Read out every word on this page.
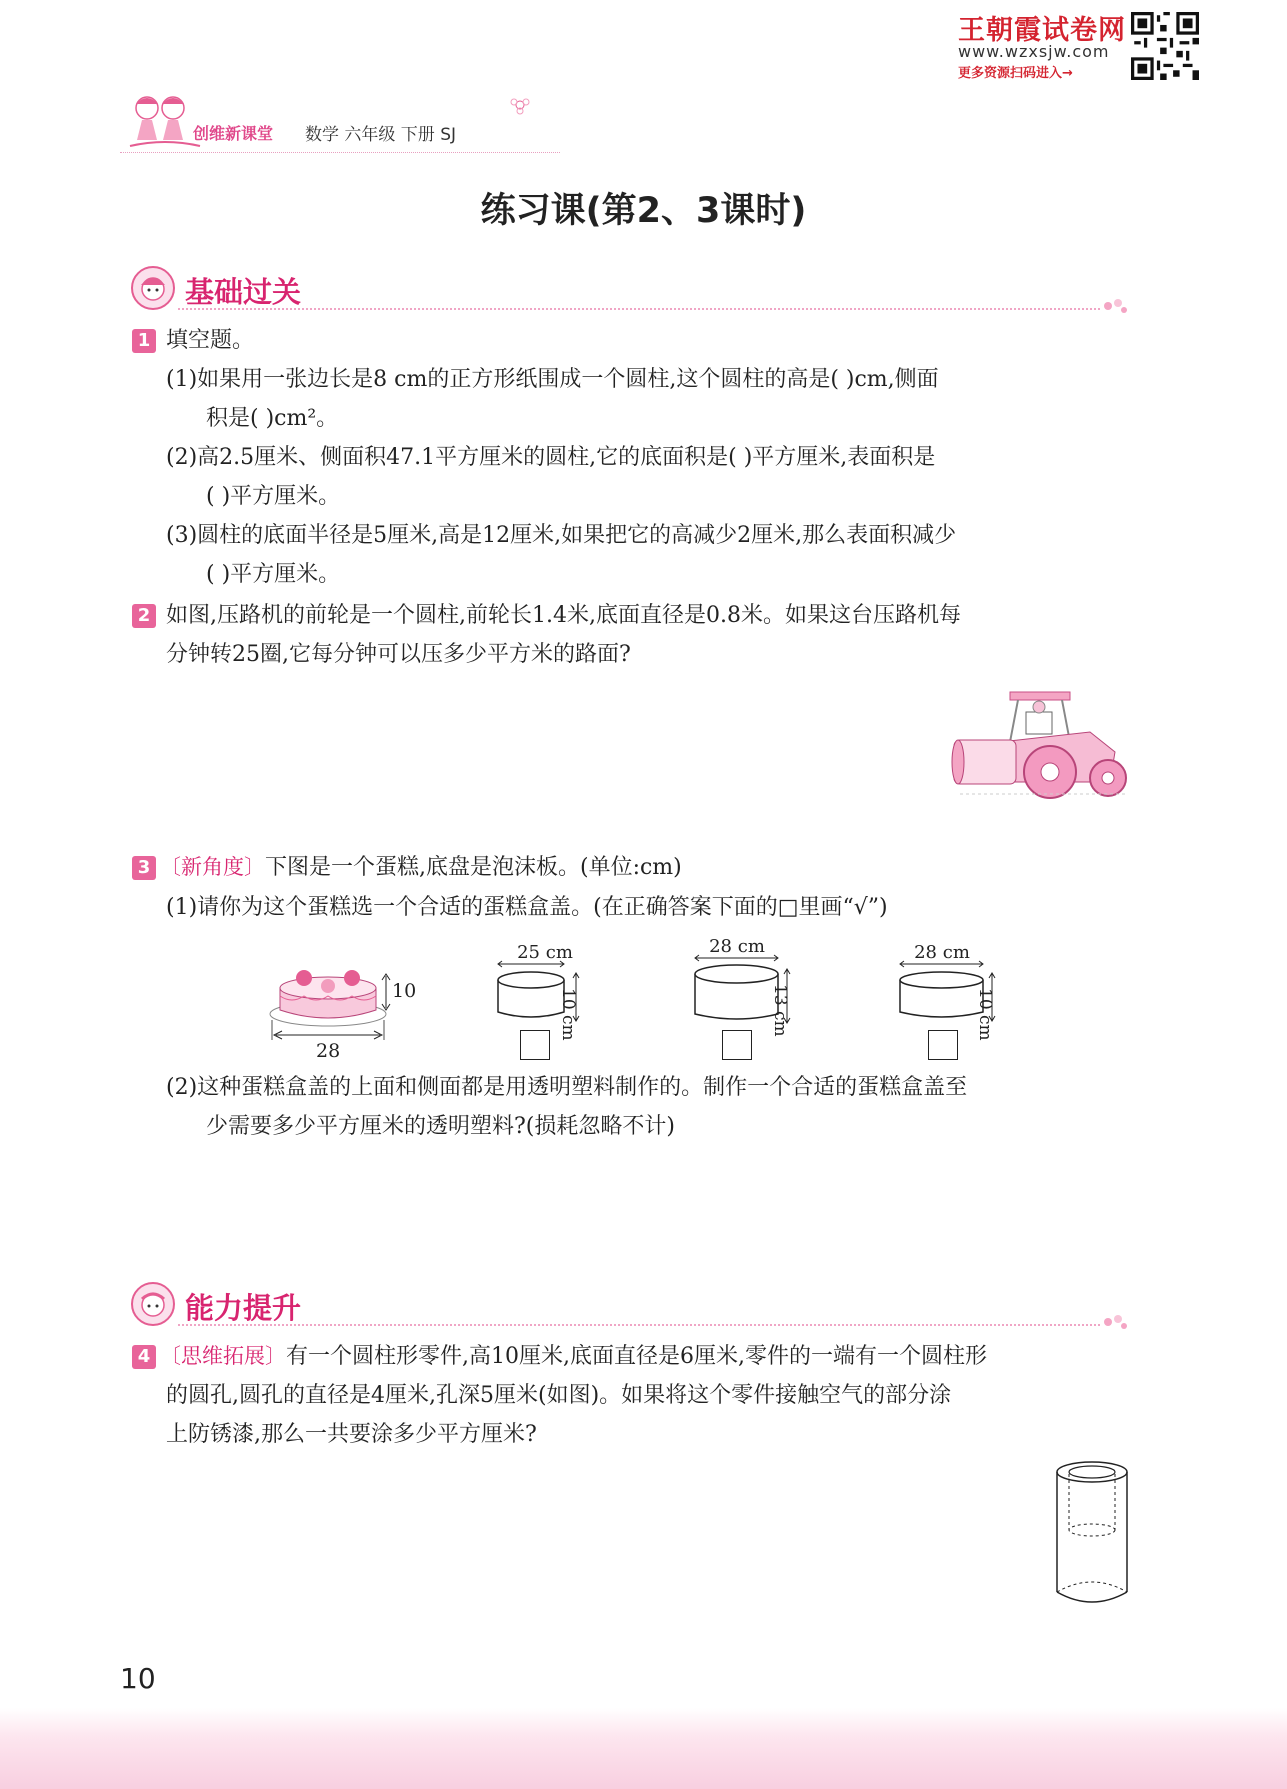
王朝霞试卷网
www.wzxsjw.com
更多资源扫码进入→
创维新课堂 数学 六年级 下册 SJ
练习课(第2、3课时)
基础过关
1 填空题。
(1)如果用一张边长是8 cm的正方形纸围成一个圆柱,这个圆柱的高是( )cm,侧面
积是( )cm²。
(2)高2.5厘米、侧面积47.1平方厘米的圆柱,它的底面积是( )平方厘米,表面积是
( )平方厘米。
(3)圆柱的底面半径是5厘米,高是12厘米,如果把它的高减少2厘米,那么表面积减少
( )平方厘米。
2 如图,压路机的前轮是一个圆柱,前轮长1.4米,底面直径是0.8米。如果这台压路机每
分钟转25圈,它每分钟可以压多少平方米的路面?
3 〔新角度〕下图是一个蛋糕,底盘是泡沫板。(单位:cm)
(1)请你为这个蛋糕选一个合适的蛋糕盒盖。(在正确答案下面的□里画“√”)
10
28
25 cm
10 cm
28 cm
13 cm
28 cm
10 cm
(2)这种蛋糕盒盖的上面和侧面都是用透明塑料制作的。制作一个合适的蛋糕盒盖至
少需要多少平方厘米的透明塑料?(损耗忽略不计)
能力提升
4 〔思维拓展〕有一个圆柱形零件,高10厘米,底面直径是6厘米,零件的一端有一个圆柱形
的圆孔,圆孔的直径是4厘米,孔深5厘米(如图)。如果将这个零件接触空气的部分涂
上防锈漆,那么一共要涂多少平方厘米?
10
